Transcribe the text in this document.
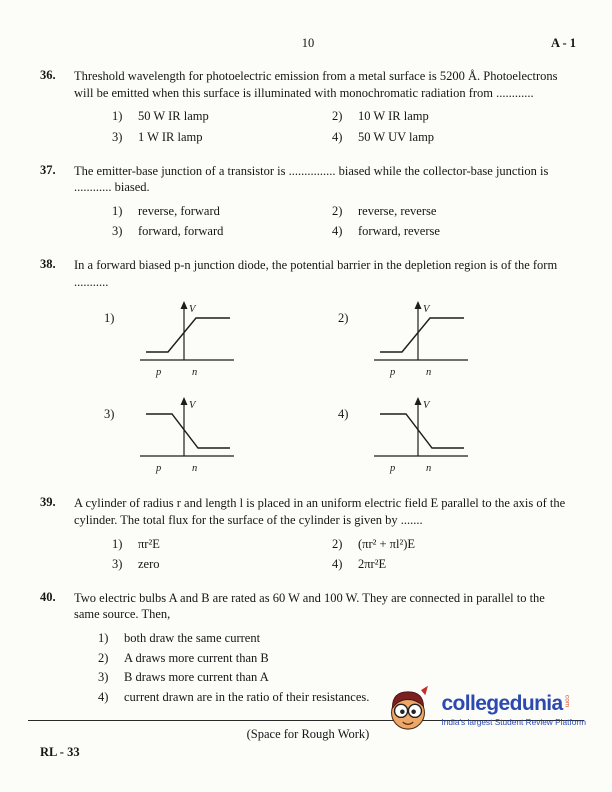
10	A - 1
36.	Threshold wavelength for photoelectric emission from a metal surface is 5200 Å. Photoelectrons will be emitted when this surface is illuminated with monochromatic radiation from ............
1) 50 W IR lamp	2) 10 W IR lamp
3) 1 W IR lamp	4) 50 W UV lamp
37.	The emitter-base junction of a transistor is ............... biased while the collector-base junction is ............ biased.
1) reverse, forward	2) reverse, reverse
3) forward, forward	4) forward, reverse
38.	In a forward biased p-n junction diode, the potential barrier in the depletion region is of the form ...........
1)
V
p	n
2)
V
p	n
3)
V
p	n
4)
V
p	n
39.	A cylinder of radius r and length l is placed in an uniform electric field E parallel to the axis of the cylinder. The total flux for the surface of the cylinder is given by .......
1) πr²E	2) (πr² + πl²)E
3) zero	4) 2πr²E
40.	Two electric bulbs A and B are rated as 60 W and 100 W. They are connected in parallel to the same source. Then,
1) both draw the same current
2) A draws more current than B
3) B draws more current than A
4) current drawn are in the ratio of their resistances.
(Space for Rough Work)
collegedunia com
India's largest Student Review Platform
RL - 33
